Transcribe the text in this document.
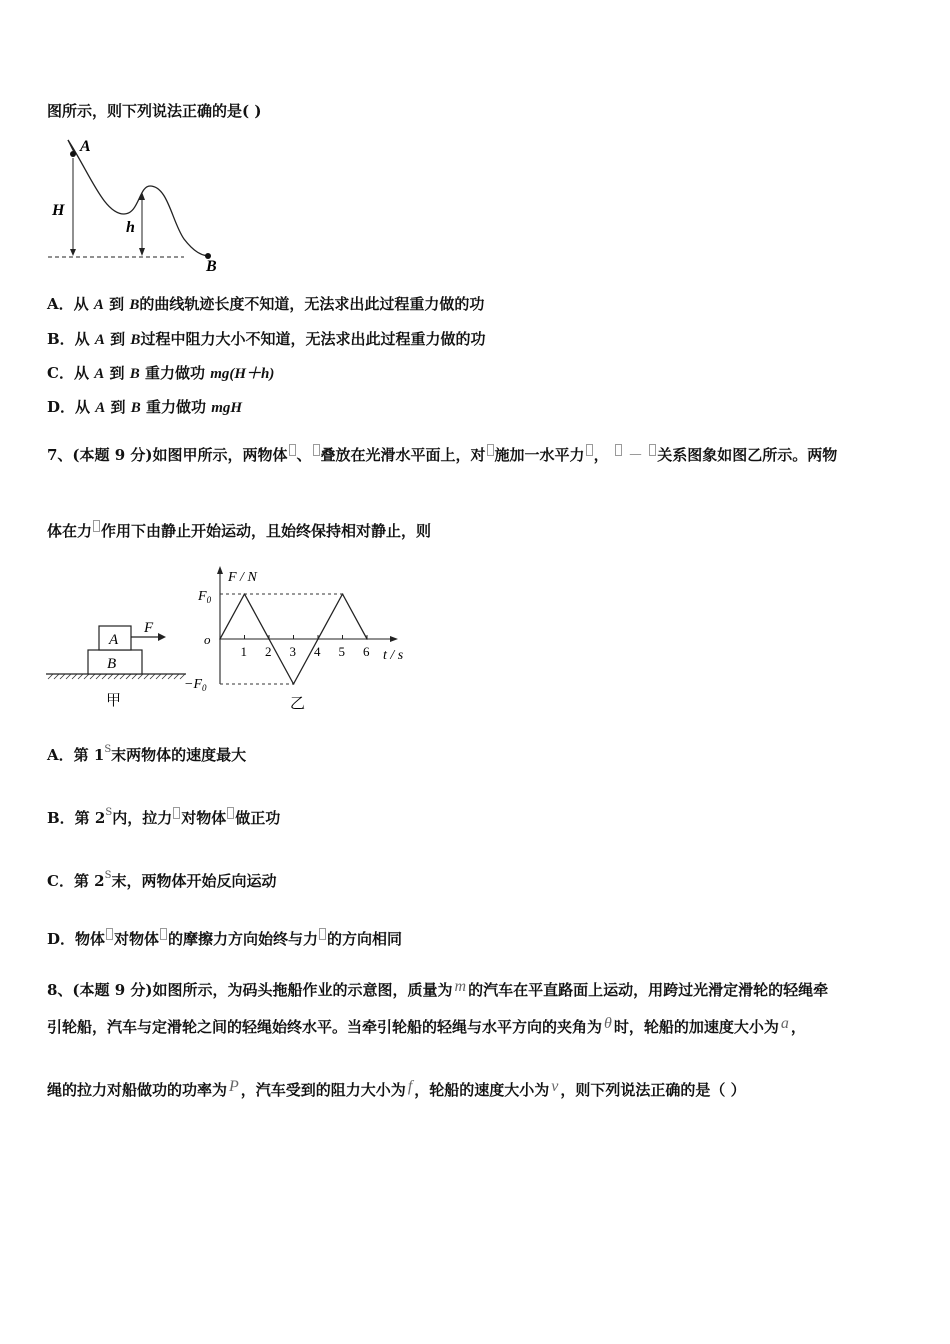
图所示，则下列说法正确的是( )
A
H
h
B
A．从 A 到 B的曲线轨迹长度不知道，无法求出此过程重力做的功
B．从 A 到 B过程中阻力大小不知道，无法求出此过程重力做的功
C．从 A 到 B 重力做功 mg(H＋h)
D．从 A 到 B 重力做功 mgH
7、(本题 9 分)如图甲所示，两物体 、 叠放在光滑水平面上，对 施加一水平力 ， － 关系图象如图乙所示。两物
体在力 作用下由静止开始运动，且始终保持相对静止，则
A
B
F
甲
F / N
t / s
o
$F_0$
$-F_0$
1 2 3 4 5 6
乙
A．第 $1^S$末两物体的速度最大
B．第 $2^S$内，拉力 对物体 做正功
C．第 $2^S$末，两物体开始反向运动
D．物体 对物体 的摩擦力方向始终与力 的方向相同
8、(本题 9 分)如图所示，为码头拖船作业的示意图，质量为 m 的汽车在平直路面上运动，用跨过光滑定滑轮的轻绳牵
引轮船，汽车与定滑轮之间的轻绳始终水平。当牵引轮船的轻绳与水平方向的夹角为 θ 时，轮船的加速度大小为 a ，
绳的拉力对船做功的功率为 P ，汽车受到的阻力大小为 f ，轮船的速度大小为 v ，则下列说法正确的是（ ）
